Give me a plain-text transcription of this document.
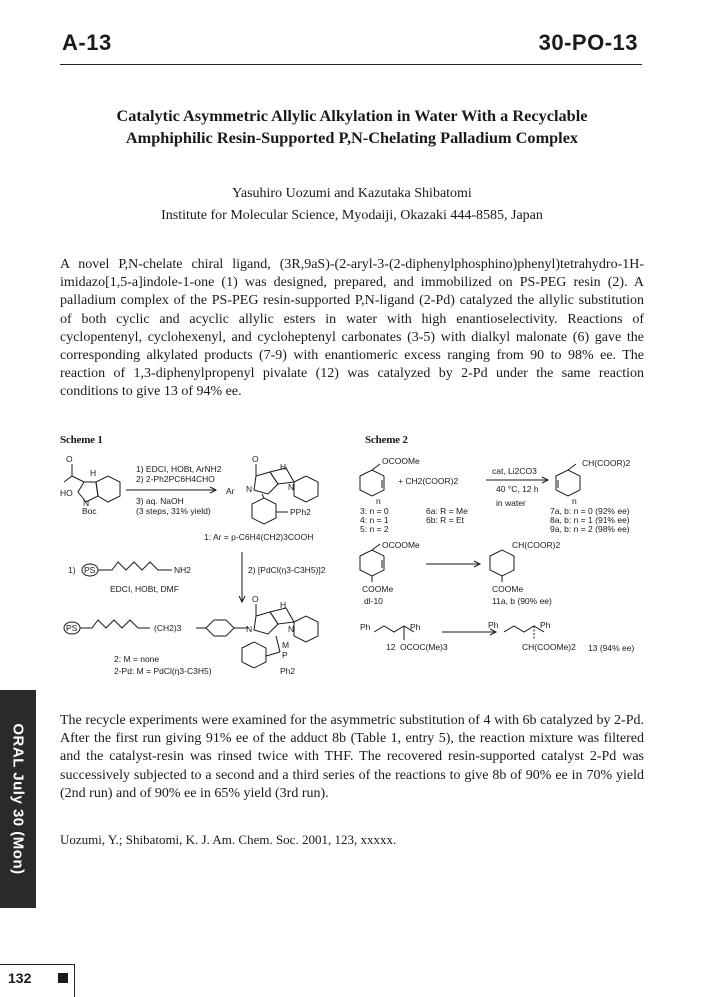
A-13	30-PO-13
Catalytic Asymmetric Allylic Alkylation in Water With a Recyclable
Amphiphilic Resin-Supported P,N-Chelating Palladium Complex
Yasuhiro Uozumi and Kazutaka Shibatomi
Institute for Molecular Science, Myodaiji, Okazaki 444-8585, Japan
A novel P,N-chelate chiral ligand, (3R,9aS)-(2-aryl-3-(2-diphenylphosphino)phenyl)tetrahydro-1H-imidazo[1,5-a]indole-1-one (1) was designed, prepared, and immobilized on PS-PEG resin (2). A palladium complex of the PS-PEG resin-supported P,N-ligand (2-Pd) catalyzed the allylic substitution of both cyclic and acyclic allylic esters in water with high enantioselectivity. Reactions of cyclopentenyl, cyclohexenyl, and cycloheptenyl carbonates (3-5) with dialkyl malonate (6) gave the corresponding alkylated products (7-9) with enantiomeric excess ranging from 90 to 98% ee. The reaction of 1,3-diphenylpropenyl pivalate (12) was catalyzed by 2-Pd under the same reaction conditions to give 13 of 94% ee.
Scheme 1	Scheme 2
1) EDCI, HOBt, ArNH2
2) 2-Ph2PC6H4CHO
3) aq. NaOH
(3 steps, 31% yield)
HO
Boc
N
H
O	O
H
Ar N	N
PPh2
1: Ar = p-C6H4(CH2)3COOH
1) PS	NH2	2) [PdCl(η3-C3H5)]2
EDCI, HOBt, DMF
PS	(CH2)3
O
H
N	N
M
P
Ph2
2: M = none
2-Pd: M = PdCl(η3-C3H5)
OCOOMe
+ CH2(COOR)2
cat, Li2CO3
40 °C, 12 h
in water
CH(COOR)2
n	n
3: n = 0
4: n = 1
5: n = 2
6a: R = Me
6b: R = Et
7a, b: n = 0 (92% ee)
8a, b: n = 1 (91% ee)
9a, b: n = 2 (98% ee)
OCOOMe
COOMe
dl-10
CH(COOR)2
COOMe
11a, b (90% ee)
Ph	Ph
12 OCOC(Me)3
Ph	Ph
CH(COOMe)2 13 (94% ee)
The recycle experiments were examined for the asymmetric substitution of 4 with 6b catalyzed by 2-Pd. After the first run giving 91% ee of the adduct 8b (Table 1, entry 5), the reaction mixture was filtered and the catalyst-resin was rinsed twice with THF. The recovered resin-supported catalyst 2-Pd was successively subjected to a second and a third series of the reactions to give 8b of 90% ee in 70% yield (2nd run) and of 90% ee in 65% yield (3rd run).
Uozumi, Y.; Shibatomi, K. J. Am. Chem. Soc. 2001, 123, xxxxx.
ORAL July 30 (Mon)
132
